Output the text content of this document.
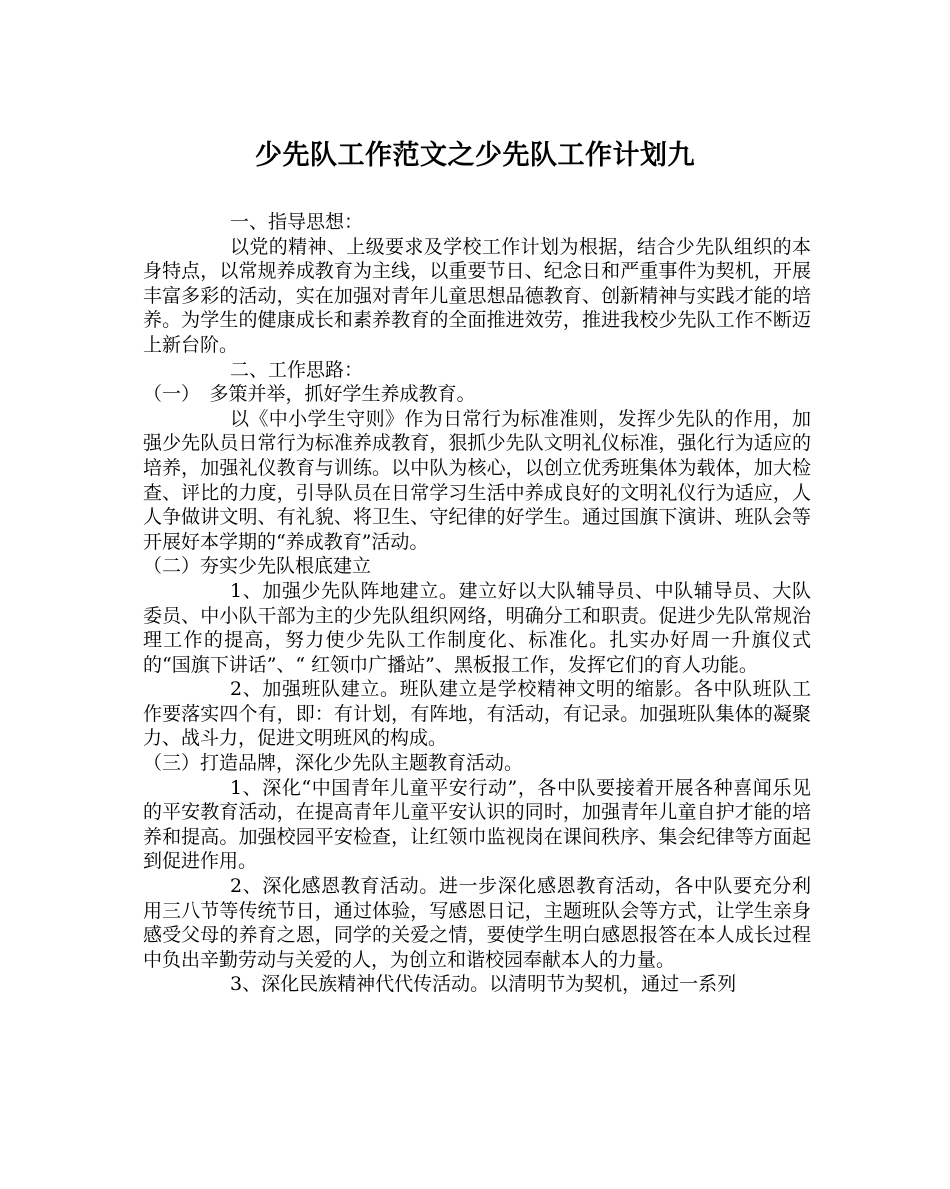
少先队工作范文之少先队工作计划九

一、指导思想：

以党的精神、上级要求及学校工作计划为根据，结合少先队组织的本身特点，以常规养成教育为主线，以重要节日、纪念日和严重事件为契机，开展丰富多彩的活动，实在加强对青年儿童思想品德教育、创新精神与实践才能的培养。为学生的健康成长和素养教育的全面推进效劳，推进我校少先队工作不断迈上新台阶。

二、工作思路：

（一）　多策并举，抓好学生养成教育。

以《中小学生守则》作为日常行为标准准则，发挥少先队的作用，加强少先队员日常行为标准养成教育，狠抓少先队文明礼仪标准，强化行为适应的培养，加强礼仪教育与训练。以中队为核心，以创立优秀班集体为载体，加大检查、评比的力度，引导队员在日常学习生活中养成良好的文明礼仪行为适应，人人争做讲文明、有礼貌、将卫生、守纪律的好学生。通过国旗下演讲、班队会等开展好本学期的“养成教育”活动。

（二）夯实少先队根底建立

1、加强少先队阵地建立。建立好以大队辅导员、中队辅导员、大队委员、中小队干部为主的少先队组织网络，明确分工和职责。促进少先队常规治理工作的提高，努力使少先队工作制度化、标准化。扎实办好周一升旗仪式的“国旗下讲话”、“ 红领巾广播站”、黑板报工作，发挥它们的育人功能。

2、加强班队建立。班队建立是学校精神文明的缩影。各中队班队工作要落实四个有，即：有计划，有阵地，有活动，有记录。加强班队集体的凝聚力、战斗力，促进文明班风的构成。

（三）打造品牌，深化少先队主题教育活动。

1、深化“中国青年儿童平安行动”，各中队要接着开展各种喜闻乐见的平安教育活动，在提高青年儿童平安认识的同时，加强青年儿童自护才能的培养和提高。加强校园平安检查，让红领巾监视岗在课间秩序、集会纪律等方面起到促进作用。

2、深化感恩教育活动。进一步深化感恩教育活动，各中队要充分利用三八节等传统节日，通过体验，写感恩日记，主题班队会等方式，让学生亲身感受父母的养育之恩，同学的关爱之情，要使学生明白感恩报答在本人成长过程中负出辛勤劳动与关爱的人，为创立和谐校园奉献本人的力量。

3、深化民族精神代代传活动。以清明节为契机，通过一系列
